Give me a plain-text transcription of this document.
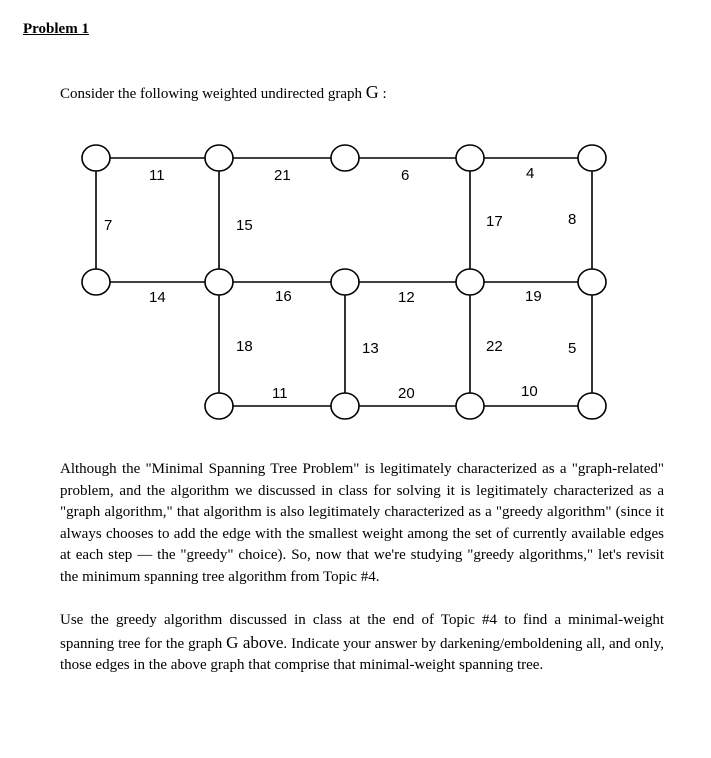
Problem 1
Consider the following weighted undirected graph G :
11	21	6	4
7	15	17	8
14	16	12	19
18	13	22	5
11	20	10

Although the "Minimal Spanning Tree Problem" is legitimately characterized as a "graph-related" problem, and the algorithm we discussed in class for solving it is legitimately characterized as a "graph algorithm," that algorithm is also legitimately characterized as a "greedy algorithm" (since it always chooses to add the edge with the smallest weight among the set of currently available edges at each step — the "greedy" choice). So, now that we're studying "greedy algorithms," let's revisit the minimum spanning tree algorithm from Topic #4.

Use the greedy algorithm discussed in class at the end of Topic #4 to find a minimal-weight spanning tree for the graph G above. Indicate your answer by darkening/emboldening all, and only, those edges in the above graph that comprise that minimal-weight spanning tree.
